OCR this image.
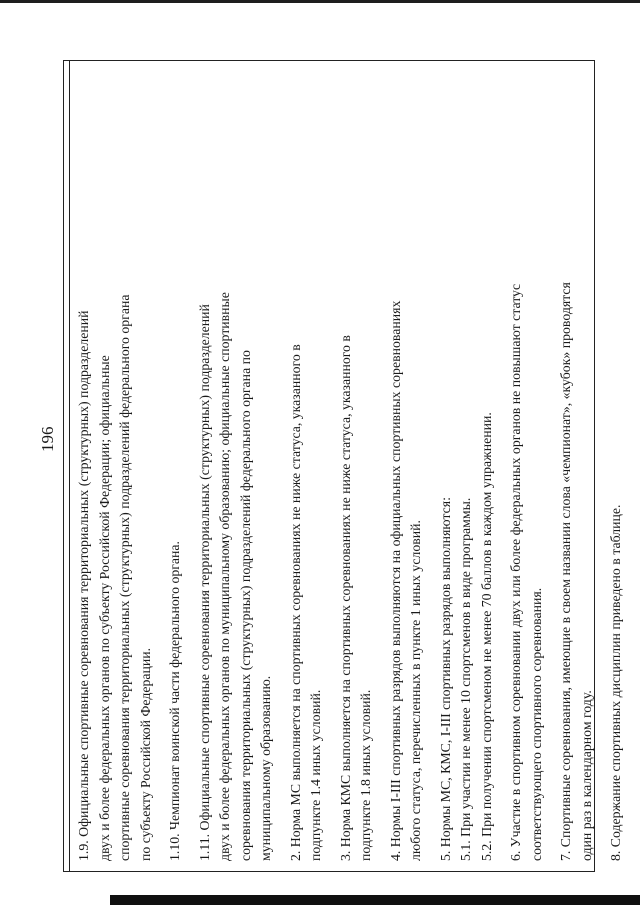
196 1.9. Официальные спортивные соревнования территориальных (структурных) подразделений двух и более федеральных органов по субъекту Российской Федерации; официальные спортивные соревнования территориальных (структурных) подразделений федерального органа по субъекту Российской Федерации. 1.10. Чемпионат воинской части федерального органа. 1.11. Официальные спортивные соревнования территориальных (структурных) подразделений двух и более федеральных органов по муниципальному образованию; официальные спортивные соревнования территориальных (структурных) подразделений федерального органа по муниципальному образованию. 2. Норма МС выполняется на спортивных соревнованиях не ниже статуса, указанного в подпункте 1.4 иных условий. 3. Норма КМС выполняется на спортивных соревнованиях не ниже статуса, указанного в подпункте 1.8 иных условий. 4. Нормы I-III спортивных разрядов выполняются на официальных спортивных соревнованиях любого статуса, перечисленных в пункте 1 иных условий. 5. Нормы МС, КМС, I-III спортивных разрядов выполняются: 5.1. При участии не менее 10 спортсменов в виде программы. 5.2. При получении спортсменом не менее 70 баллов в каждом упражнении. 6. Участие в спортивном соревновании двух или более федеральных органов не повышают статус соответствующего спортивного соревнования. 7. Спортивные соревнования, имеющие в своем названии слова «чемпионат», «кубок» проводятся один раз в календарном году. 8. Содержание спортивных дисциплин приведено в таблице.
